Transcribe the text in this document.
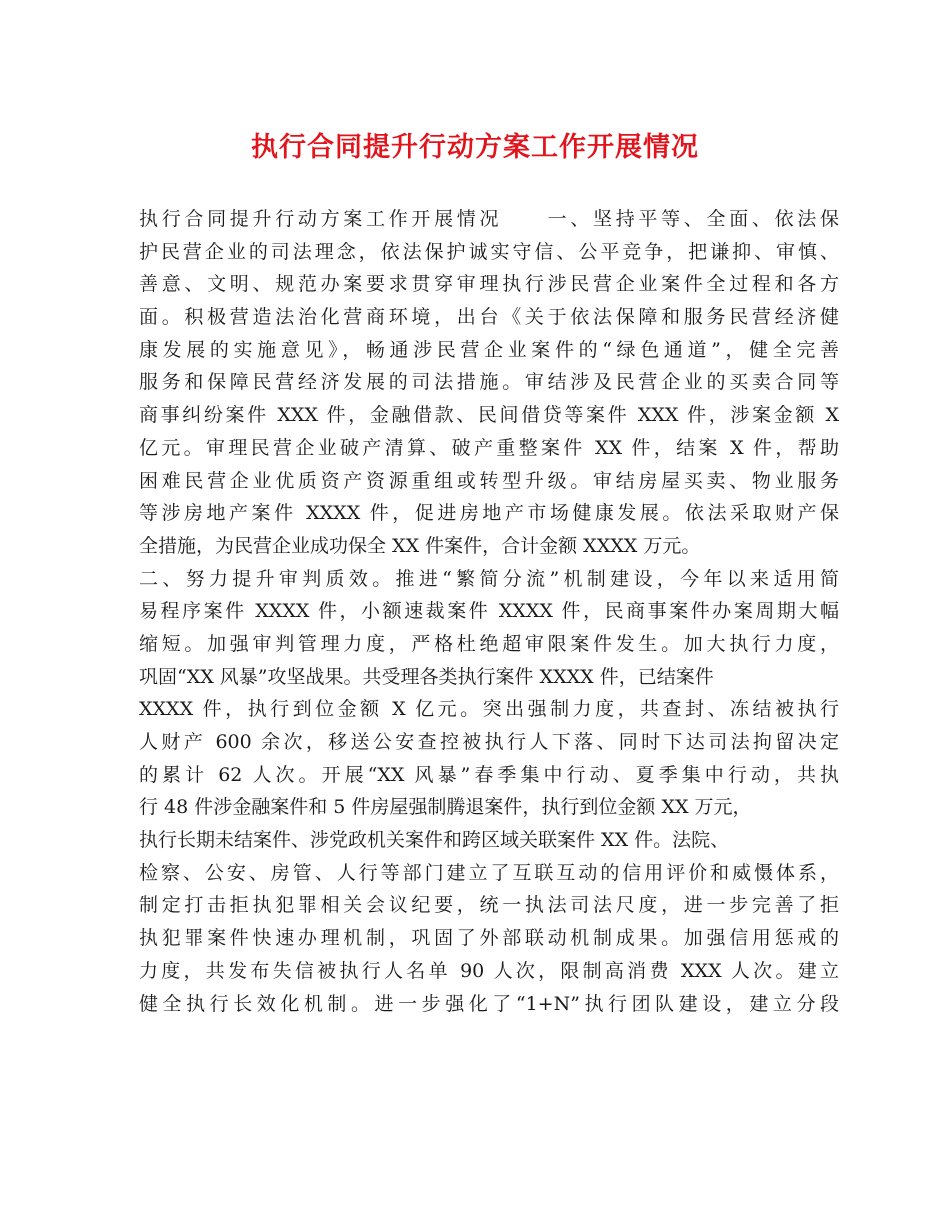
执行合同提升行动方案工作开展情况
执行合同提升行动方案工作开展情况　　一、坚持平等、全面、依法保
护民营企业的司法理念，依法保护诚实守信、公平竞争，把谦抑、审慎、
善意、文明、规范办案要求贯穿审理执行涉民营企业案件全过程和各方
面。积极营造法治化营商环境，出台《关于依法保障和服务民营经济健
康发展的实施意见》，畅通涉民营企业案件的“绿色通道”，健全完善
服务和保障民营经济发展的司法措施。审结涉及民营企业的买卖合同等
商事纠纷案件 XXX 件，金融借款、民间借贷等案件 XXX 件，涉案金额 X
亿元。审理民营企业破产清算、破产重整案件 XX 件，结案 X 件，帮助
困难民营企业优质资产资源重组或转型升级。审结房屋买卖、物业服务
等涉房地产案件 XXXX 件，促进房地产市场健康发展。依法采取财产保
全措施，为民营企业成功保全 XX 件案件，合计金额 XXXX 万元。
二、努力提升审判质效。推进“繁简分流”机制建设，今年以来适用简
易程序案件 XXXX 件，小额速裁案件 XXXX 件，民商事案件办案周期大幅
缩短。加强审判管理力度，严格杜绝超审限案件发生。加大执行力度，
巩固“XX 风暴”攻坚战果。共受理各类执行案件 XXXX 件，已结案件
XXXX 件，执行到位金额 X 亿元。突出强制力度，共查封、冻结被执行
人财产 600 余次，移送公安查控被执行人下落、同时下达司法拘留决定
的累计 62 人次。开展“XX 风暴”春季集中行动、夏季集中行动，共执
行 48 件涉金融案件和 5 件房屋强制腾退案件，执行到位金额 XX 万元，
执行长期未结案件、涉党政机关案件和跨区域关联案件 XX 件。法院、
检察、公安、房管、人行等部门建立了互联互动的信用评价和威慑体系，
制定打击拒执犯罪相关会议纪要，统一执法司法尺度，进一步完善了拒
执犯罪案件快速办理机制，巩固了外部联动机制成果。加强信用惩戒的
力度，共发布失信被执行人名单 90 人次，限制高消费 XXX 人次。建立
健全执行长效化机制。进一步强化了“1+N”执行团队建设，建立分段
